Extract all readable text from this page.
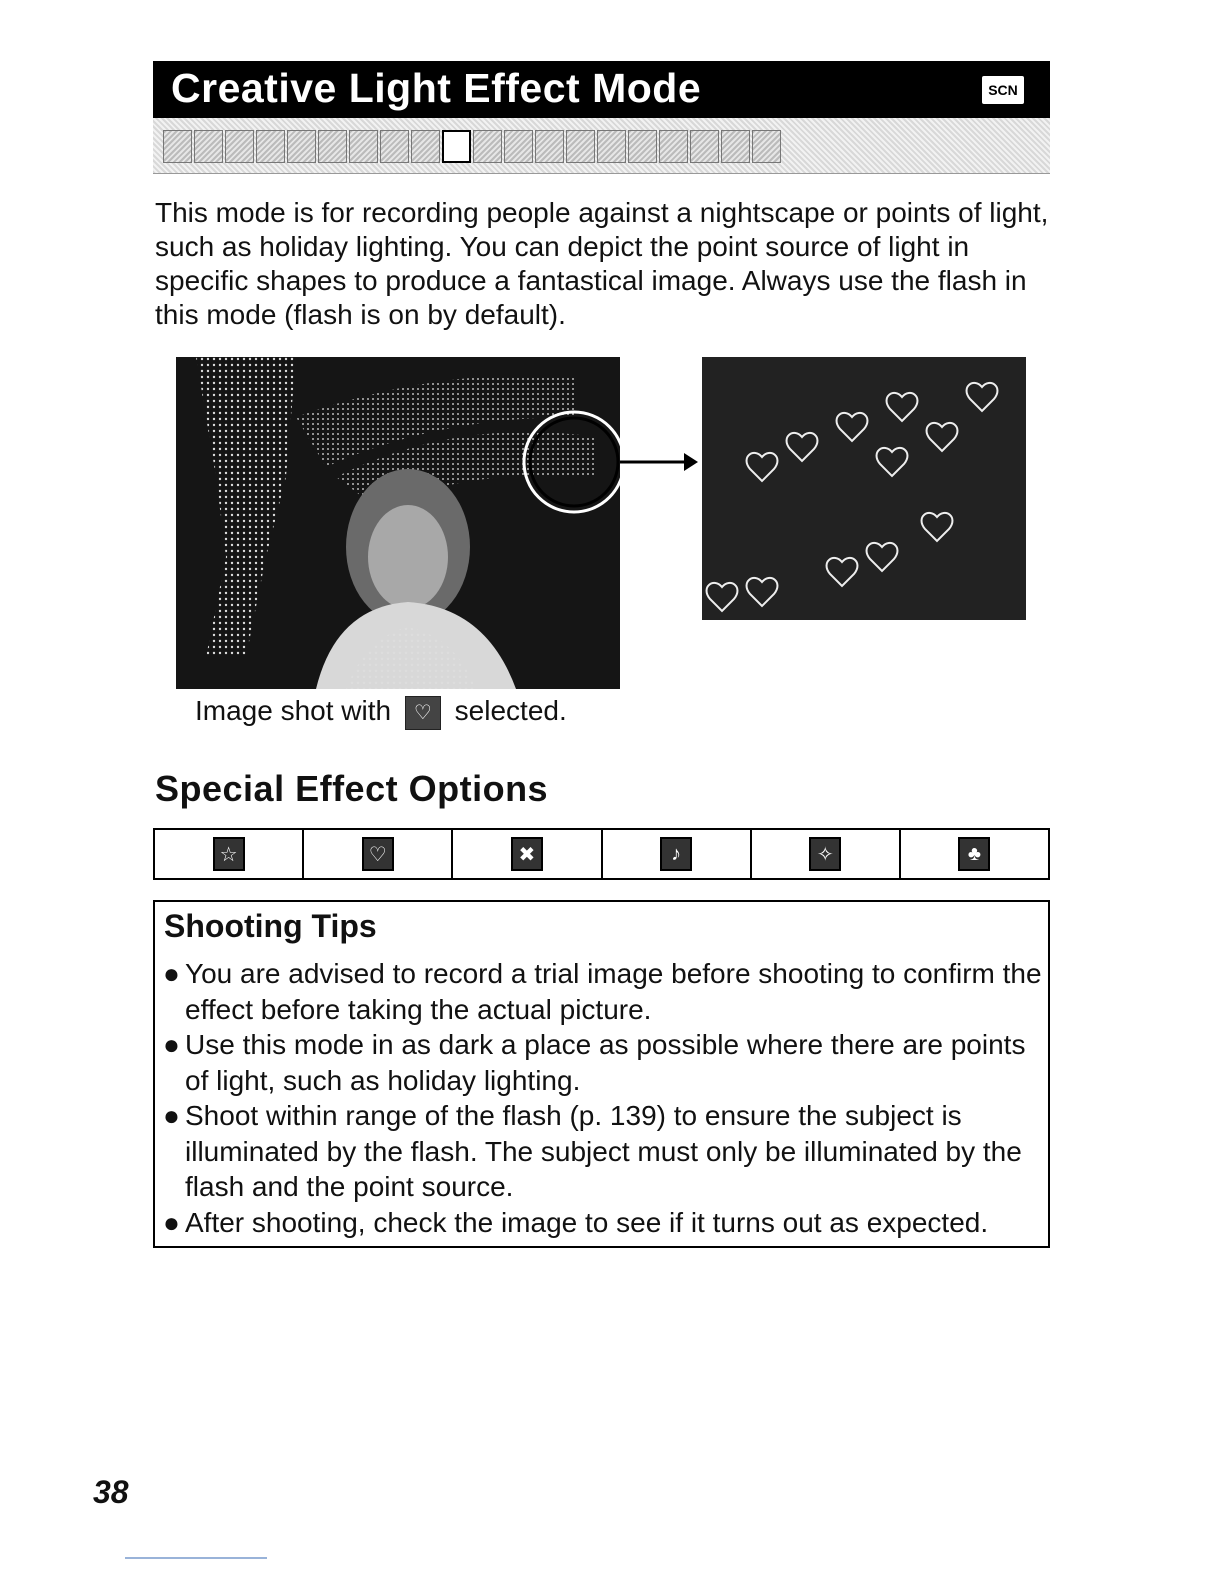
Creative Light Effect Mode	SCN

This mode is for recording people against a nightscape or points of light, such as holiday lighting. You can depict the point source of light in specific shapes to produce a fantastical image. Always use the flash in this mode (flash is on by default).

Image shot with ♡ selected.
Special Effect Options
☆	♡	✖	♪	✧	♣
Shooting Tips
● You are advised to record a trial image before shooting to confirm the effect before taking the actual picture.
● Use this mode in as dark a place as possible where there are points of light, such as holiday lighting.
● Shoot within range of the flash (p. 139) to ensure the subject is illuminated by the flash. The subject must only be illuminated by the flash and the point source.
● After shooting, check the image to see if it turns out as expected.
38
